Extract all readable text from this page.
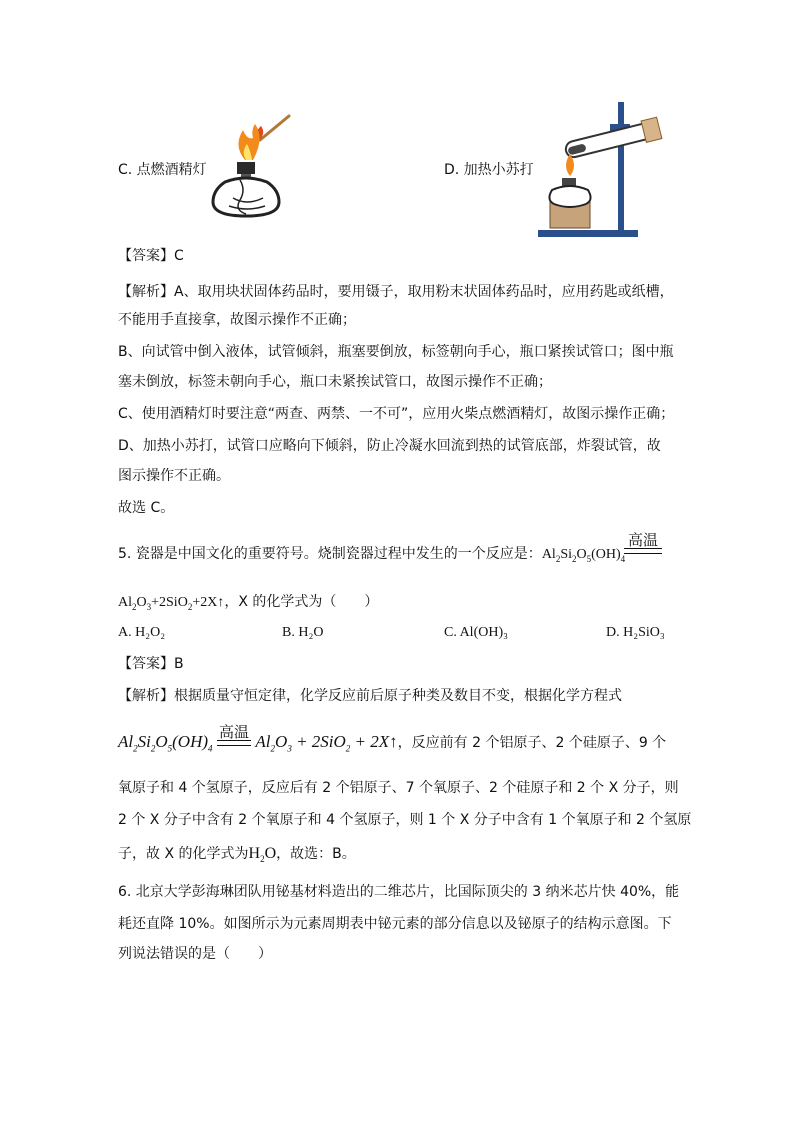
C. 点燃酒精灯	D. 加热小苏打
【答案】C
【解析】A、取用块状固体药品时，要用镊子，取用粉末状固体药品时，应用药匙或纸槽，
不能用手直接拿，故图示操作不正确；
B、向试管中倒入液体，试管倾斜，瓶塞要倒放，标签朝向手心，瓶口紧挨试管口；图中瓶
塞未倒放，标签未朝向手心，瓶口未紧挨试管口，故图示操作不正确；
C、使用酒精灯时要注意“两查、两禁、一不可”，应用火柴点燃酒精灯，故图示操作正确；
D、加热小苏打，试管口应略向下倾斜，防止冷凝水回流到热的试管底部，炸裂试管，故
图示操作不正确。
故选 C。
5. 瓷器是中国文化的重要符号。烧制瓷器过程中发生的一个反应是：$Al_2Si_2O_5(OH)_4$
高温
$Al_2O_3+2SiO_2+2X↑$，X 的化学式为（　　）
A. H₂O₂	B. H₂O	C. Al(OH)₃	D. H₂SiO₃
【答案】B
【解析】根据质量守恒定律，化学反应前后原子种类及数目不变，根据化学方程式
$Al_2Si_2O_5(OH)_4$
高温 $Al_2O_3 + 2SiO_2$ + 2X↑，反应前有 2 个铝原子、2 个硅原子、9 个
氧原子和 4 个氢原子，反应后有 2 个铝原子、7 个氧原子、2 个硅原子和 2 个 X 分子，则
2 个 X 分子中含有 2 个氧原子和 4 个氢原子，则 1 个 X 分子中含有 1 个氧原子和 2 个氢原
子，故 X 的化学式为$H_2O$，故选：B。
6. 北京大学彭海琳团队用铋基材料造出的二维芯片，比国际顶尖的 3 纳米芯片快 40%，能
耗还直降 10%。如图所示为元素周期表中铋元素的部分信息以及铋原子的结构示意图。下
列说法错误的是（　　）
